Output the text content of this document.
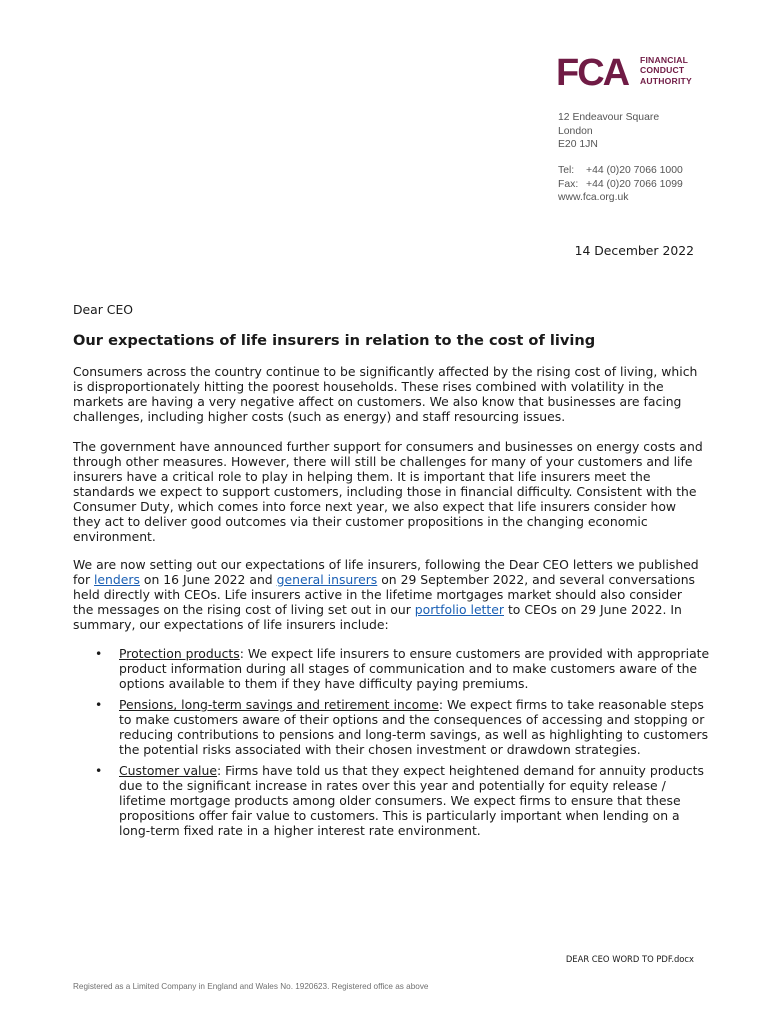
FCA FINANCIAL
CONDUCT
AUTHORITY
12 Endeavour Square
London
E20 1JN
Tel: +44 (0)20 7066 1000
Fax: +44 (0)20 7066 1099
www.fca.org.uk
14 December 2022
Dear CEO
Our expectations of life insurers in relation to the cost of living

Consumers across the country continue to be significantly affected by the rising cost of living, which is disproportionately hitting the poorest households. These rises combined with volatility in the markets are having a very negative affect on customers. We also know that businesses are facing challenges, including higher costs (such as energy) and staff resourcing issues.

The government have announced further support for consumers and businesses on energy costs and through other measures. However, there will still be challenges for many of your customers and life insurers have a critical role to play in helping them. It is important that life insurers meet the standards we expect to support customers, including those in financial difficulty. Consistent with the Consumer Duty, which comes into force next year, we also expect that life insurers consider how they act to deliver good outcomes via their customer propositions in the changing economic environment.

We are now setting out our expectations of life insurers, following the Dear CEO letters we published for lenders on 16 June 2022 and general insurers on 29 September 2022, and several conversations held directly with CEOs. Life insurers active in the lifetime mortgages market should also consider the messages on the rising cost of living set out in our portfolio letter to CEOs on 29 June 2022. In summary, our expectations of life insurers include:

• Protection products: We expect life insurers to ensure customers are provided with appropriate product information during all stages of communication and to make customers aware of the options available to them if they have difficulty paying premiums.
• Pensions, long-term savings and retirement income: We expect firms to take reasonable steps to make customers aware of their options and the consequences of accessing and stopping or reducing contributions to pensions and long-term savings, as well as highlighting to customers the potential risks associated with their chosen investment or drawdown strategies.
• Customer value: Firms have told us that they expect heightened demand for annuity products due to the significant increase in rates over this year and potentially for equity release / lifetime mortgage products among older consumers. We expect firms to ensure that these propositions offer fair value to customers. This is particularly important when lending on a long-term fixed rate in a higher interest rate environment.
DEAR CEO WORD TO PDF.docx
Registered as a Limited Company in England and Wales No. 1920623. Registered office as above
